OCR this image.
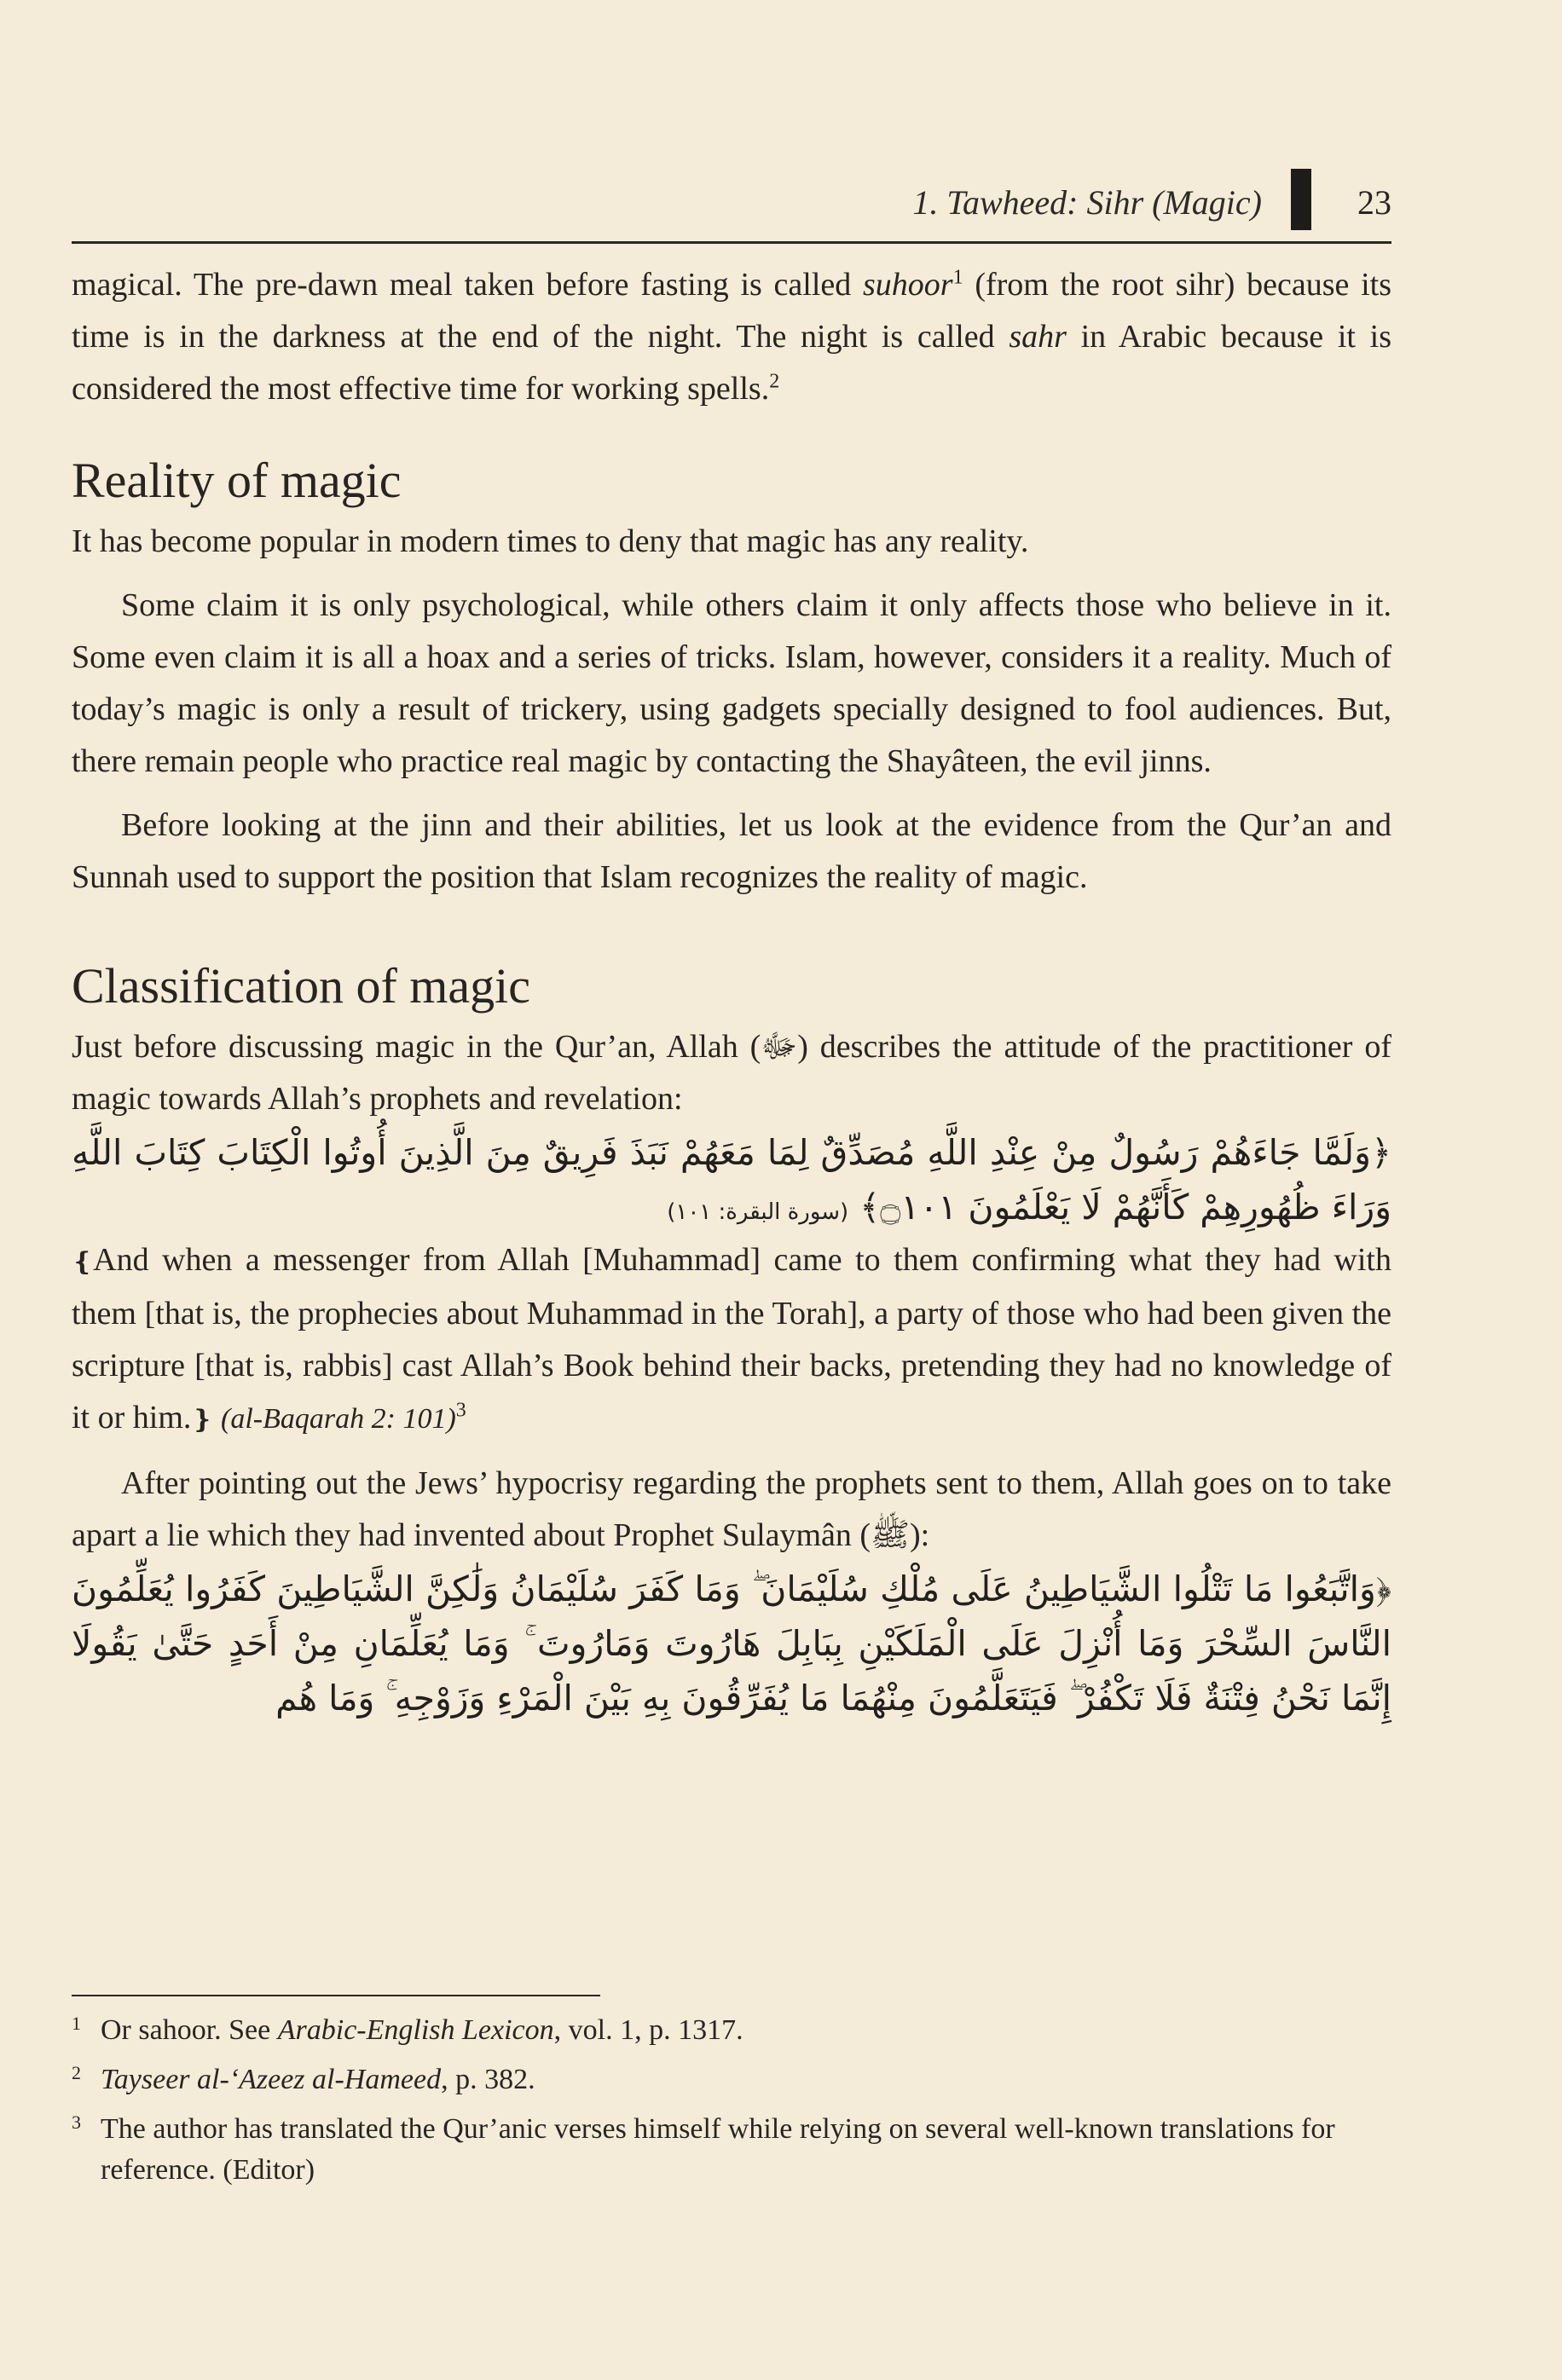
1. Tawheed: Sihr (Magic)	23

magical. The pre-dawn meal taken before fasting is called suhoor$^1$ (from the root sihr) because its time is in the darkness at the end of the night. The night is called sahr in Arabic because it is considered the most effective time for working spells.$^2$

Reality of magic

It has become popular in modern times to deny that magic has any reality.

Some claim it is only psychological, while others claim it only affects those who believe in it. Some even claim it is all a hoax and a series of tricks. Islam, however, considers it a reality. Much of today’s magic is only a result of trickery, using gadgets specially designed to fool audiences. But, there remain people who practice real magic by contacting the Shayâteen, the evil jinns.

Before looking at the jinn and their abilities, let us look at the evidence from the Qur’an and Sunnah used to support the position that Islam recognizes the reality of magic.

Classification of magic

Just before discussing magic in the Qur’an, Allah (ﷻ) describes the attitude of the practitioner of magic towards Allah’s prophets and revelation:

﴿وَلَمَّا جَاءَهُمْ رَسُولٌ مِنْ عِنْدِ اللَّهِ مُصَدِّقٌ لِمَا مَعَهُمْ نَبَذَ فَرِيقٌ مِنَ الَّذِينَ أُوتُوا الْكِتَابَ كِتَابَ اللَّهِ وَرَاءَ ظُهُورِهِمْ كَأَنَّهُمْ لَا يَعْلَمُونَ ۝١٠١﴾ (سورة البقرة: ١٠١)

❴And when a messenger from Allah [Muhammad] came to them confirming what they had with them [that is, the prophecies about Muhammad in the Torah], a party of those who had been given the scripture [that is, rabbis] cast Allah’s Book behind their backs, pretending they had no knowledge of it or him.❵ (al-Baqarah 2: 101)$^3$

After pointing out the Jews’ hypocrisy regarding the prophets sent to them, Allah goes on to take apart a lie which they had invented about Prophet Sulaymân (ﷺ):

﴿وَاتَّبَعُوا مَا تَتْلُوا الشَّيَاطِينُ عَلَى مُلْكِ سُلَيْمَانَ ۖ وَمَا كَفَرَ سُلَيْمَانُ وَلَٰكِنَّ الشَّيَاطِينَ كَفَرُوا يُعَلِّمُونَ النَّاسَ السِّحْرَ وَمَا أُنْزِلَ عَلَى الْمَلَكَيْنِ بِبَابِلَ هَارُوتَ وَمَارُوتَ ۚ وَمَا يُعَلِّمَانِ مِنْ أَحَدٍ حَتَّىٰ يَقُولَا إِنَّمَا نَحْنُ فِتْنَةٌ فَلَا تَكْفُرْ ۖ فَيَتَعَلَّمُونَ مِنْهُمَا مَا يُفَرِّقُونَ بِهِ بَيْنَ الْمَرْءِ وَزَوْجِهِ ۚ وَمَا هُم
1 Or sahoor. See Arabic-English Lexicon, vol. 1, p. 1317.
2 Tayseer al-‘Azeez al-Hameed, p. 382.
3 The author has translated the Qur’anic verses himself while relying on several well-known translations for reference. (Editor)
